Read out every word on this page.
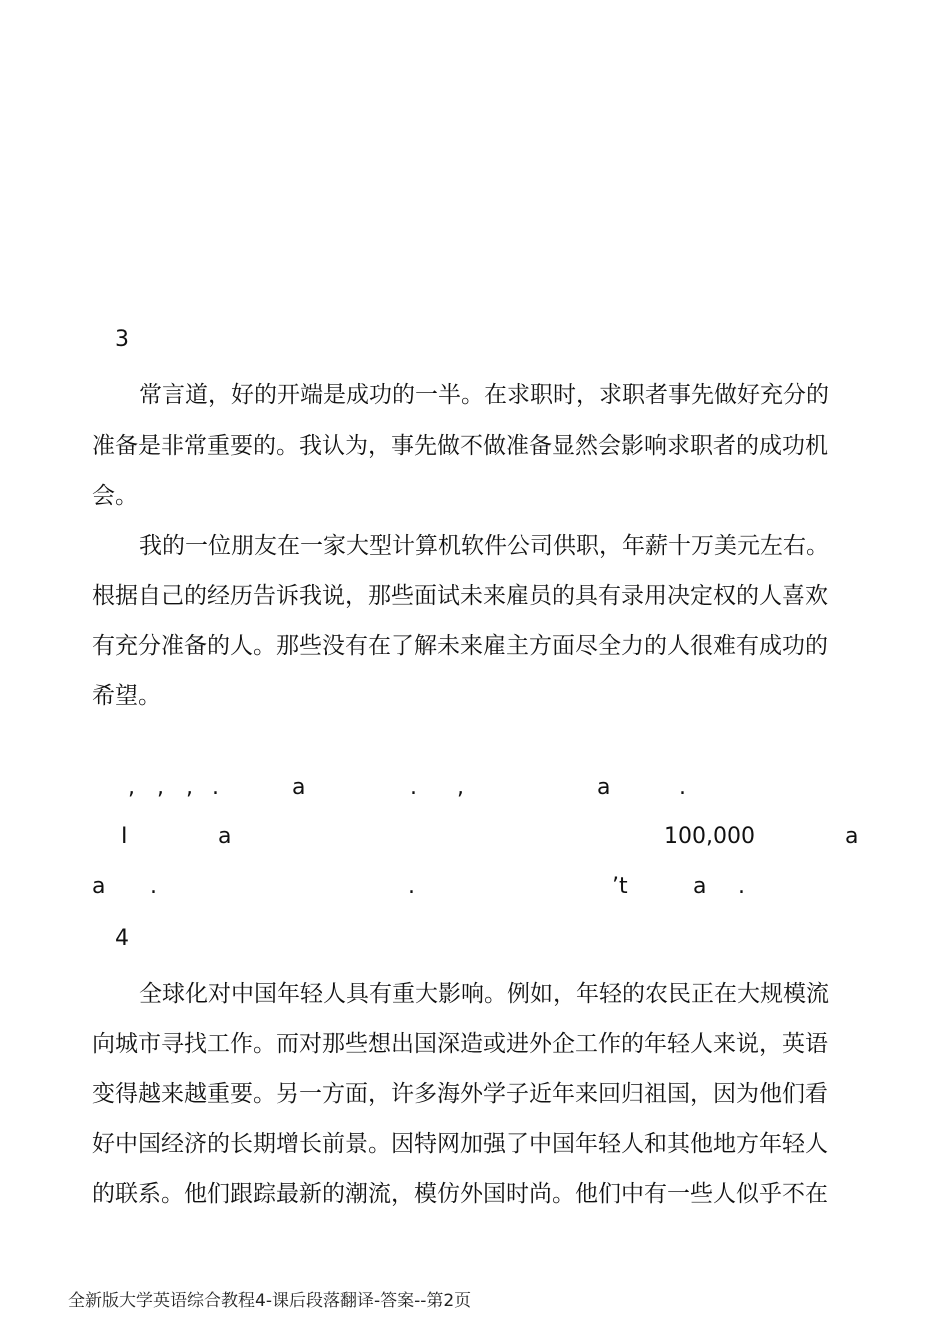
3
常言道，好的开端是成功的一半。在求职时，求职者事先做好充分的
准备是非常重要的。我认为，事先做不做准备显然会影响求职者的成功机
会。
我的一位朋友在一家大型计算机软件公司供职，年薪十万美元左右。
根据自己的经历告诉我说，那些面试未来雇员的具有录用决定权的人喜欢
有充分准备的人。那些没有在了解未来雇主方面尽全力的人很难有成功的
希望。
, , , .	a	. ,	a	.
I	a	100,000	a
a .	.	’t	a .
4
全球化对中国年轻人具有重大影响。例如，年轻的农民正在大规模流
向城市寻找工作。而对那些想出国深造或进外企工作的年轻人来说，英语
变得越来越重要。另一方面，许多海外学子近年来回归祖国，因为他们看
好中国经济的长期增长前景。因特网加强了中国年轻人和其他地方年轻人
的联系。他们跟踪最新的潮流，模仿外国时尚。他们中有一些人似乎不在
全新版大学英语综合教程4-课后段落翻译-答案--第2页
